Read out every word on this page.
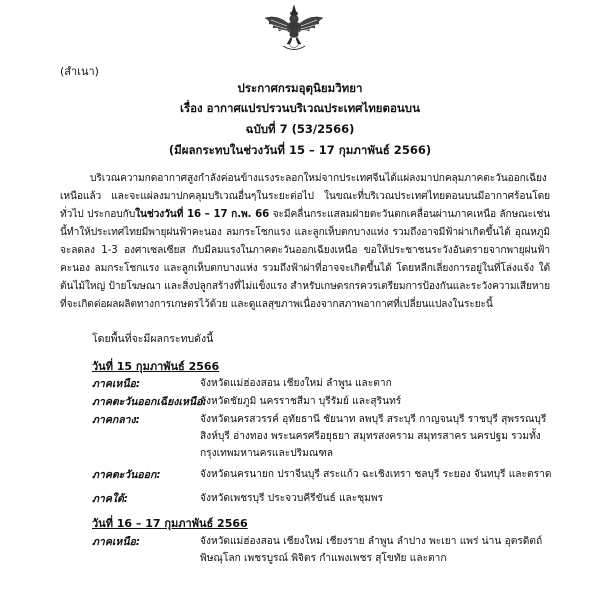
(สำเนา)
ประกาศกรมอุตุนิยมวิทยา
เรื่อง อากาศแปรปรวนบริเวณประเทศไทยตอนบน
ฉบับที่ 7 (53/2566)
(มีผลกระทบในช่วงวันที่ 15 – 17 กุมภาพันธ์ 2566)

บริเวณความกดอากาศสูงกำลังค่อนข้างแรงระลอกใหม่จากประเทศจีนได้แผ่ลงมาปกคลุมภาคตะวันออกเฉียงเหนือแล้ว และจะแผ่ลงมาปกคลุมบริเวณอื่นๆในระยะต่อไป ในขณะที่บริเวณประเทศไทยตอนบนมีอากาศร้อนโดยทั่วไป ประกอบกับในช่วงวันที่ 16 – 17 ก.พ. 66 จะมีคลื่นกระแสลมฝ่ายตะวันตกเคลื่อนผ่านภาคเหนือ ลักษณะเช่นนี้ทำให้ประเทศไทยมีพายุฝนฟ้าคะนอง ลมกระโชกแรง และลูกเห็บตกบางแห่ง รวมถึงอาจมีฟ้าผ่าเกิดขึ้นได้ อุณหภูมิจะลดลง 1-3 องศาเซลเซียส กับมีลมแรงในภาคตะวันออกเฉียงเหนือ ขอให้ประชาชนระวังอันตรายจากพายุฝนฟ้าคะนอง ลมกระโชกแรง และลูกเห็บตกบางแห่ง รวมถึงฟ้าผ่าที่อาจจะเกิดขึ้นได้ โดยหลีกเลี่ยงการอยู่ในที่โล่งแจ้ง ใต้ต้นไม้ใหญ่ ป้ายโฆษณา และสิ่งปลูกสร้างที่ไม่แข็งแรง สำหรับเกษตรกรควรเตรียมการป้องกันและระวังความเสียหายที่จะเกิดต่อผลผลิตทางการเกษตรไว้ด้วย และดูแลสุขภาพเนื่องจากสภาพอากาศที่เปลี่ยนแปลงในระยะนี้

โดยพื้นที่จะมีผลกระทบดังนี้
วันที่ 15 กุมภาพันธ์ 2566
ภาคเหนือ:	จังหวัดแม่ฮ่องสอน เชียงใหม่ ลำพูน และตาก
ภาคตะวันออกเฉียงเหนือ:
จังหวัดชัยภูมิ นครราชสีมา บุรีรัมย์ และสุรินทร์
ภาคกลาง:	จังหวัดนครสวรรค์ อุทัยธานี ชัยนาท ลพบุรี สระบุรี กาญจนบุรี ราชบุรี สุพรรณบุรี สิงห์บุรี อ่างทอง พระนครศรีอยุธยา สมุทรสงคราม สมุทรสาคร นครปฐม รวมทั้งกรุงเทพมหานครและปริมณฑล
ภาคตะวันออก:	จังหวัดนครนายก ปราจีนบุรี สระแก้ว ฉะเชิงเทรา ชลบุรี ระยอง จันทบุรี และตราด
ภาคใต้:	จังหวัดเพชรบุรี ประจวบคีรีขันธ์ และชุมพร
วันที่ 16 – 17 กุมภาพันธ์ 2566
ภาคเหนือ:	จังหวัดแม่ฮ่องสอน เชียงใหม่ เชียงราย ลำพูน ลำปาง พะเยา แพร่ น่าน อุตรดิตถ์ พิษณุโลก เพชรบูรณ์ พิจิตร กำแพงเพชร สุโขทัย และตาก
